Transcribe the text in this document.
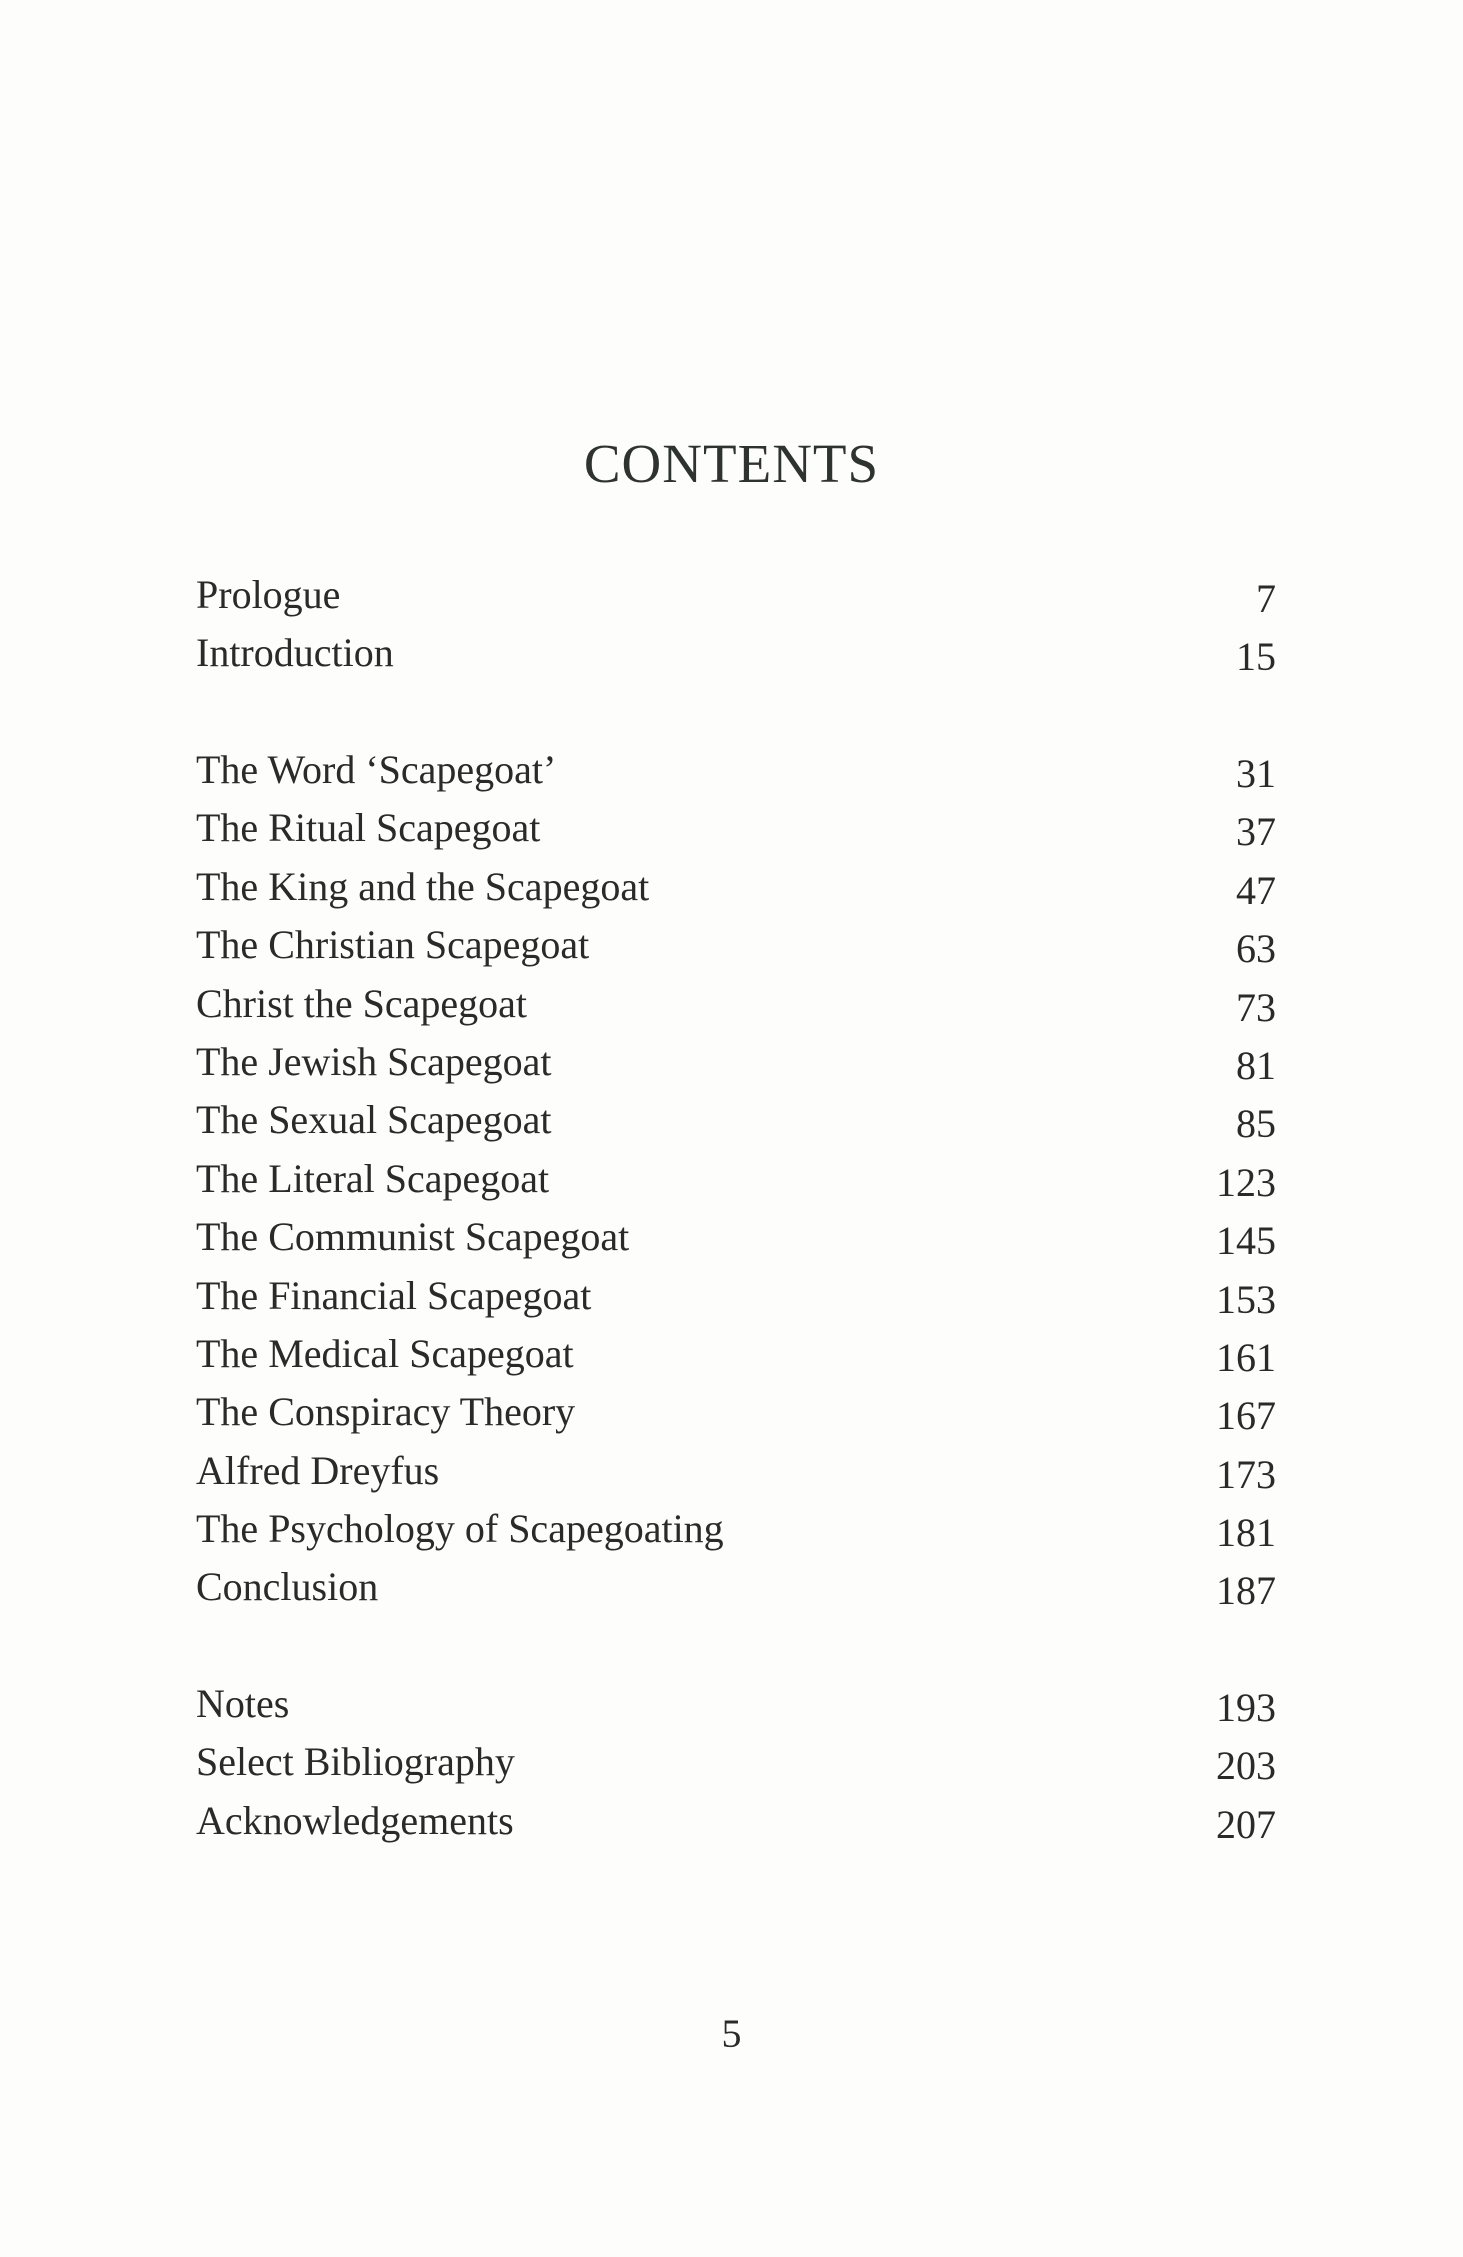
CONTENTS
Prologue	7
Introduction	15
The Word ‘Scapegoat’	31
The Ritual Scapegoat	37
The King and the Scapegoat	47
The Christian Scapegoat	63
Christ the Scapegoat	73
The Jewish Scapegoat	81
The Sexual Scapegoat	85
The Literal Scapegoat	123
The Communist Scapegoat	145
The Financial Scapegoat	153
The Medical Scapegoat	161
The Conspiracy Theory	167
Alfred Dreyfus	173
The Psychology of Scapegoating	181
Conclusion	187
Notes	193
Select Bibliography	203
Acknowledgements	207
5
